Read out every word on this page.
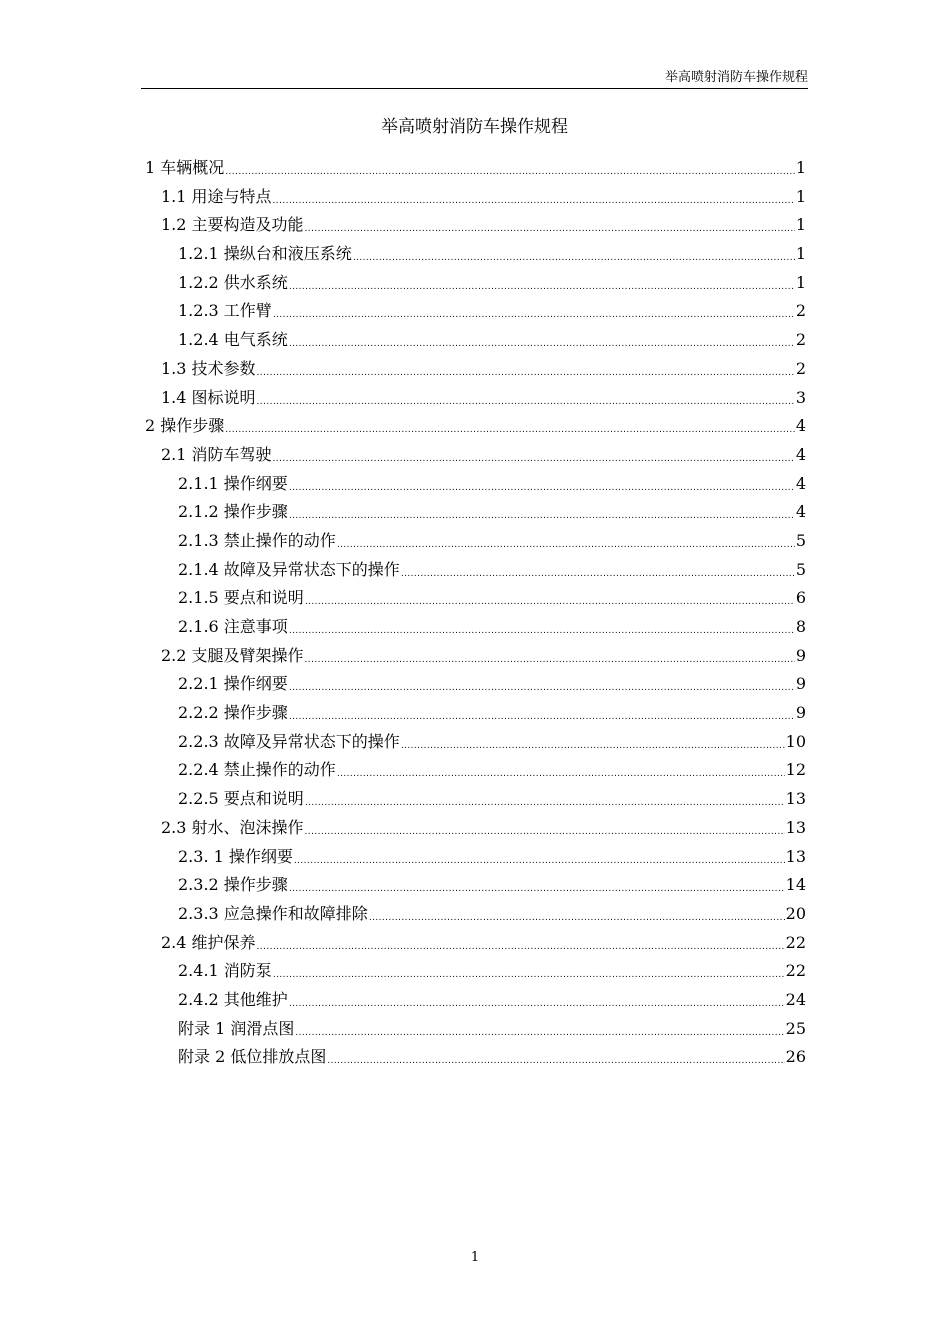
举高喷射消防车操作规程
举高喷射消防车操作规程
1 车辆概况 .....	1
1.1 用途与特点 .....	1
1.2 主要构造及功能 .....	1
1.2.1 操纵台和液压系统 .....	1
1.2.2 供水系统 .....	1
1.2.3 工作臂 .....	2
1.2.4 电气系统 .....	2
1.3 技术参数 .....	2
1.4 图标说明 .....	3
2 操作步骤 .....	4
2.1 消防车驾驶 .....	4
2.1.1 操作纲要 .....	4
2.1.2 操作步骤 .....	4
2.1.3 禁止操作的动作 .....	5
2.1.4 故障及异常状态下的操作 .....	5
2.1.5 要点和说明 .....	6
2.1.6 注意事项 .....	8
2.2 支腿及臂架操作 .....	9
2.2.1 操作纲要 .....	9
2.2.2 操作步骤 .....	9
2.2.3 故障及异常状态下的操作 .....	10
2.2.4 禁止操作的动作 .....	12
2.2.5 要点和说明 .....	13
2.3 射水、泡沫操作 .....	13
2.3. 1 操作纲要 .....	13
2.3.2 操作步骤 .....	14
2.3.3 应急操作和故障排除 .....	20
2.4 维护保养 .....	22
2.4.1 消防泵 .....	22
2.4.2 其他维护 .....	24
附录 1 润滑点图 .....	25
附录 2 低位排放点图 .....	26
1
